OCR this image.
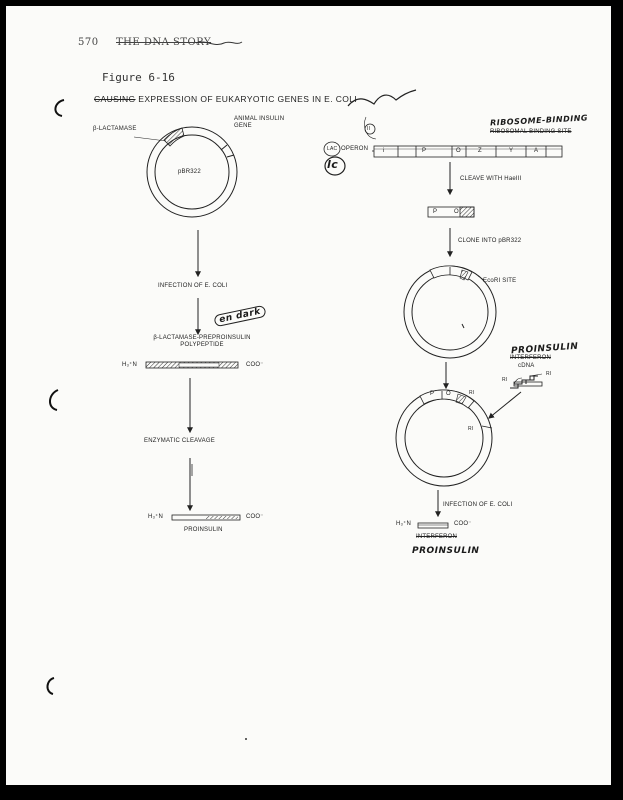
570 THE DNA STORY
Figure 6-16
CAUSING EXPRESSION OF EUKARYOTIC GENES IN E. COLI
β-LACTAMASE
ANIMAL INSULIN GENE
pBR322
INFECTION OF E. COLI
en dark
β-LACTAMASE-PREPROINSULIN POLYPEPTIDE
H₃⁺N	COO⁻
ENZYMATIC CLEAVAGE
H₃⁺N	COO⁻
PROINSULIN
II
LAC
lc
OPERON i	P	O	Z	Y	A
RIBOSOME-BINDING
RIBOSOMAL BINDING SITE
CLEAVE WITH HaeIII
P	O
CLONE INTO pBR322
EcoRI SITE
P O	RI
RI
PROINSULIN
INTERFERON
cDNA
RI
RI
INFECTION OF E. COLI
H₃⁺N	COO⁻
INTERFERON
PROINSULIN
